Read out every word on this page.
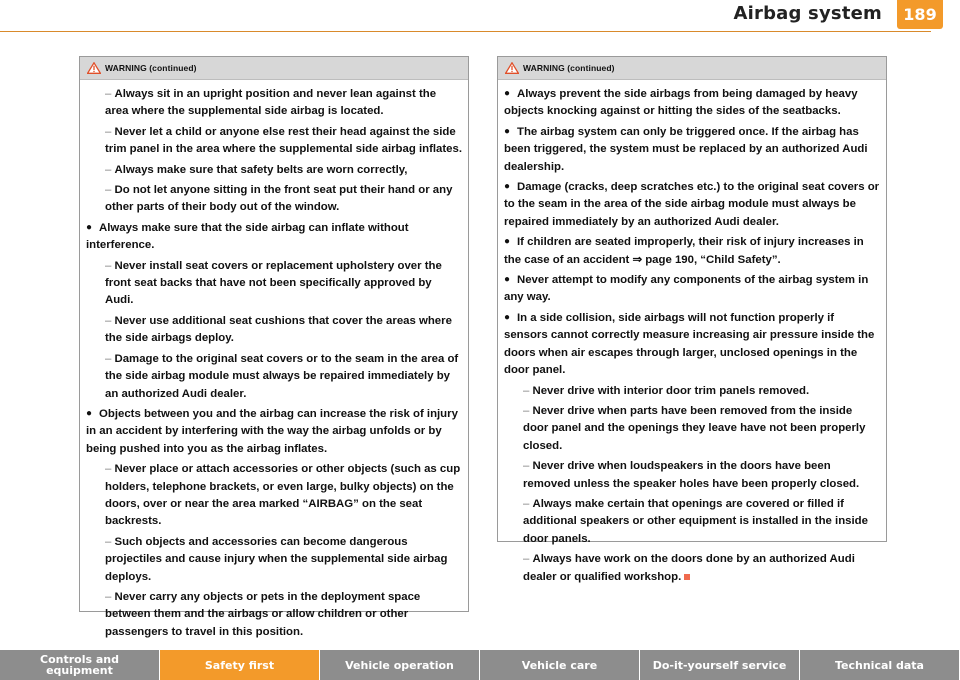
Airbag system	189
WARNING (continued)

– Always sit in an upright position and never lean against the area where the supplemental side airbag is located.

– Never let a child or anyone else rest their head against the side trim panel in the area where the supplemental side airbag inflates.

– Always make sure that safety belts are worn correctly,

– Do not let anyone sitting in the front seat put their hand or any other parts of their body out of the window.

● Always make sure that the side airbag can inflate without interference.

– Never install seat covers or replacement upholstery over the front seat backs that have not been specifically approved by Audi.

– Never use additional seat cushions that cover the areas where the side airbags deploy.

– Damage to the original seat covers or to the seam in the area of the side airbag module must always be repaired immediately by an authorized Audi dealer.

● Objects between you and the airbag can increase the risk of injury in an accident by interfering with the way the airbag unfolds or by being pushed into you as the airbag inflates.

– Never place or attach accessories or other objects (such as cup holders, telephone brackets, or even large, bulky objects) on the doors, over or near the area marked “AIRBAG” on the seat backrests.

– Such objects and accessories can become dangerous projectiles and cause injury when the supplemental side airbag deploys.

– Never carry any objects or pets in the deployment space between them and the airbags or allow children or other passengers to travel in this position.

WARNING (continued)

● Always prevent the side airbags from being damaged by heavy objects knocking against or hitting the sides of the seatbacks.

● The airbag system can only be triggered once. If the airbag has been triggered, the system must be replaced by an authorized Audi dealership.

● Damage (cracks, deep scratches etc.) to the original seat covers or to the seam in the area of the side airbag module must always be repaired immediately by an authorized Audi dealer.

● If children are seated improperly, their risk of injury increases in the case of an accident ⇒ page 190, “Child Safety”.

● Never attempt to modify any components of the airbag system in any way.

● In a side collision, side airbags will not function properly if sensors cannot correctly measure increasing air pressure inside the doors when air escapes through larger, unclosed openings in the door panel.

– Never drive with interior door trim panels removed.

– Never drive when parts have been removed from the inside door panel and the openings they leave have not been properly closed.

– Never drive when loudspeakers in the doors have been removed unless the speaker holes have been properly closed.

– Always make certain that openings are covered or filled if additional speakers or other equipment is installed in the inside door panels.

– Always have work on the doors done by an authorized Audi dealer or qualified workshop.

Controls and equipment	Safety first	Vehicle operation	Vehicle care	Do-it-yourself service	Technical data
